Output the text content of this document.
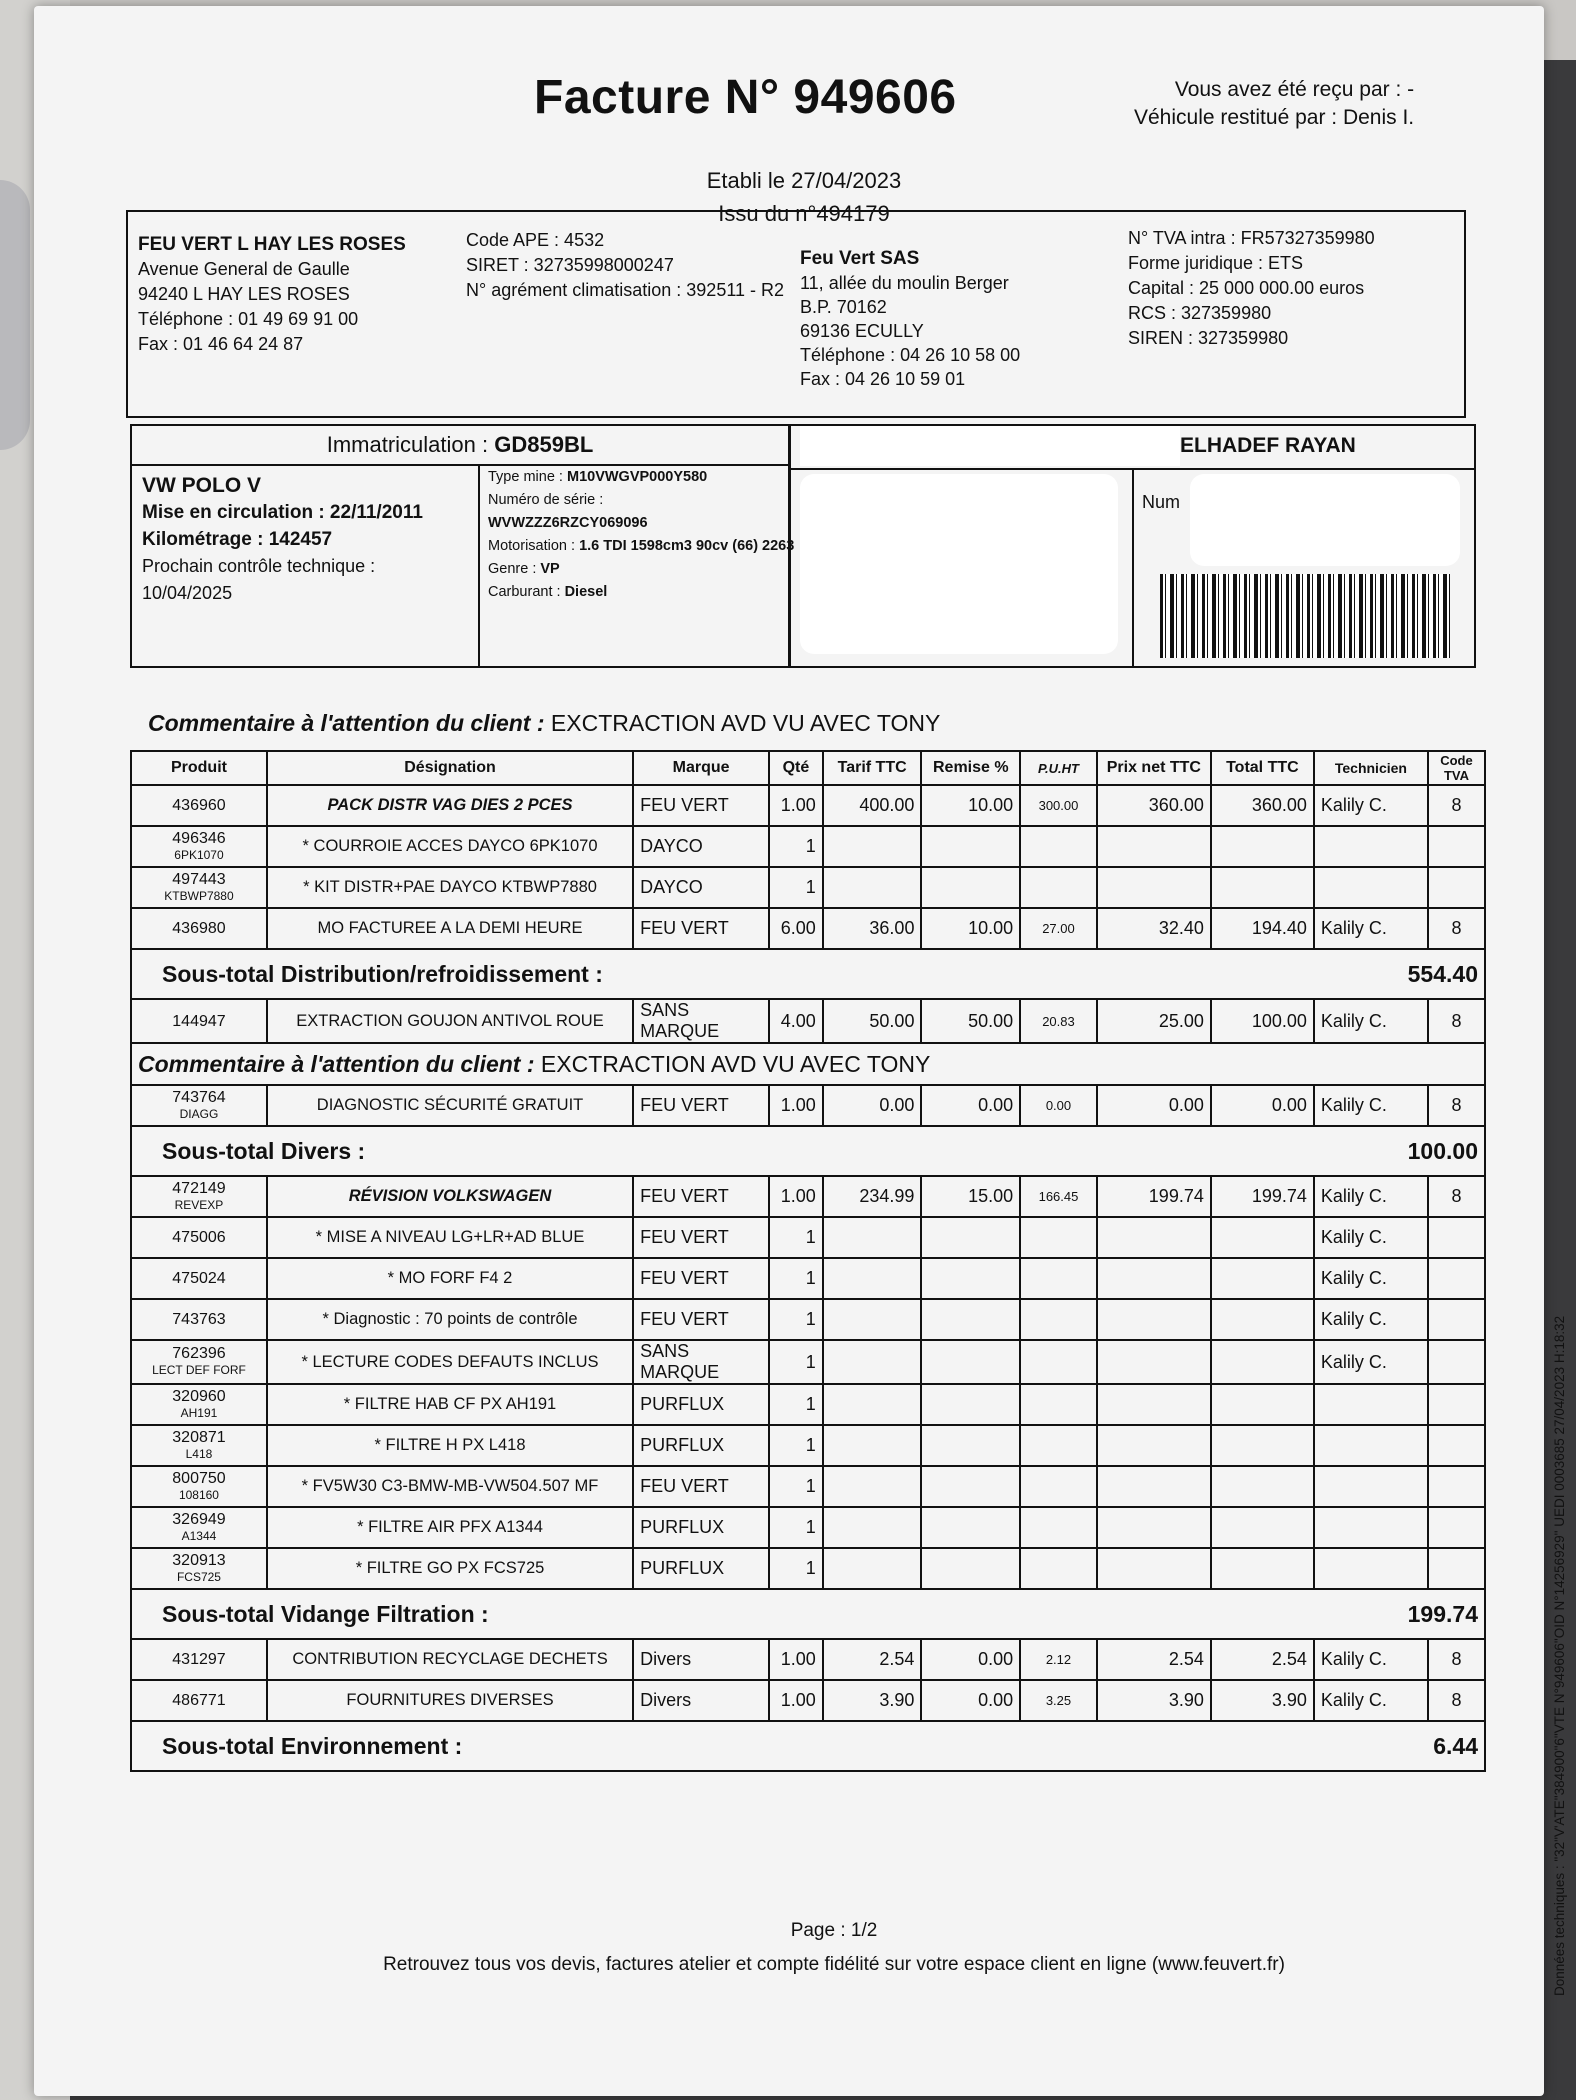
Facture N° 949606	Vous avez été reçu par : -
Véhicule restitué par : Denis I.
Etabli le 27/04/2023
Issu du n°494179
FEU VERT L HAY LES ROSES
Avenue General de Gaulle
94240 L HAY LES ROSES
Téléphone : 01 49 69 91 00
Fax : 01 46 64 24 87
Code APE : 4532
SIRET : 32735998000247
N° agrément climatisation : 392511 - R2
Feu Vert SAS
11, allée du moulin Berger
B.P. 70162
69136 ECULLY
Téléphone : 04 26 10 58 00
Fax : 04 26 10 59 01
N° TVA intra : FR57327359980
Forme juridique : ETS
Capital : 25 000 000.00 euros
RCS : 327359980
SIREN : 327359980
Immatriculation : GD859BL
VW POLO V
Mise en circulation : 22/11/2011
Kilométrage : 142457
Prochain contrôle technique :
10/04/2025
Type mine : M10VWGVP000Y580
Numéro de série :
WVWZZZ6RZCY069096
Motorisation : 1.6 TDI 1598cm3 90cv (66) 2263
Genre : VP
Carburant : Diesel
ELHADEF RAYAN
Num
Commentaire à l'attention du client : EXCTRACTION AVD VU AVEC TONY
Produit	Désignation	Marque	Qté	Tarif TTC	Remise %	P.U.HT	Prix net TTC	Total TTC	Technicien	Code TVA
436960	PACK DISTR VAG DIES 2 PCES	FEU VERT	1.00	400.00	10.00	300.00	360.00	360.00	Kalily C.	8
496346
6PK1070	* COURROIE ACCES DAYCO 6PK1070	DAYCO	1							
497443
KTBWP7880	* KIT DISTR+PAE DAYCO KTBWP7880	DAYCO	1							
436980	MO FACTUREE A LA DEMI HEURE	FEU VERT	6.00	36.00	10.00	27.00	32.40	194.40	Kalily C.	8
Sous-total Distribution/refroidissement :									554.40	
144947	EXTRACTION GOUJON ANTIVOL ROUE	SANS MARQUE	4.00	50.00	50.00	20.83	25.00	100.00	Kalily C.	8
Commentaire à l'attention du client : EXCTRACTION AVD VU AVEC TONY										
743764
DIAGG	DIAGNOSTIC SÉCURITÉ GRATUIT	FEU VERT	1.00	0.00	0.00	0.00	0.00	0.00	Kalily C.	8
Sous-total Divers :									100.00	
472149
REVEXP	RÉVISION VOLKSWAGEN	FEU VERT	1.00	234.99	15.00	166.45	199.74	199.74	Kalily C.	8
475006	* MISE A NIVEAU LG+LR+AD BLUE	FEU VERT	1						Kalily C.	
475024	* MO FORF F4 2	FEU VERT	1						Kalily C.	
743763	* Diagnostic : 70 points de contrôle	FEU VERT	1						Kalily C.	
762396
LECT DEF FORF	* LECTURE CODES DEFAUTS INCLUS	SANS MARQUE	1						Kalily C.	
320960
AH191	* FILTRE HAB CF PX AH191	PURFLUX	1							
320871
L418	* FILTRE H PX L418	PURFLUX	1							
800750
108160	* FV5W30 C3-BMW-MB-VW504.507 MF	FEU VERT	1							
326949
A1344	* FILTRE AIR PFX A1344	PURFLUX	1							
320913
FCS725	* FILTRE GO PX FCS725	PURFLUX	1							
Sous-total Vidange Filtration :									199.74	
431297	CONTRIBUTION RECYCLAGE DECHETS	Divers	1.00	2.54	0.00	2.12	2.54	2.54	Kalily C.	8
486771	FOURNITURES DIVERSES	Divers	1.00	3.90	0.00	3.25	3.90	3.90	Kalily C.	8
Sous-total Environnement :									6.44	
Page : 1/2
Retrouvez tous vos devis, factures atelier et compte fidélité sur votre espace client en ligne (www.feuvert.fr)	Données techniques : "32"V'ATE"384900"6"VTE N°949606"OID N°14256929" UEDI 0003685 27/04/2023 H:18:32
